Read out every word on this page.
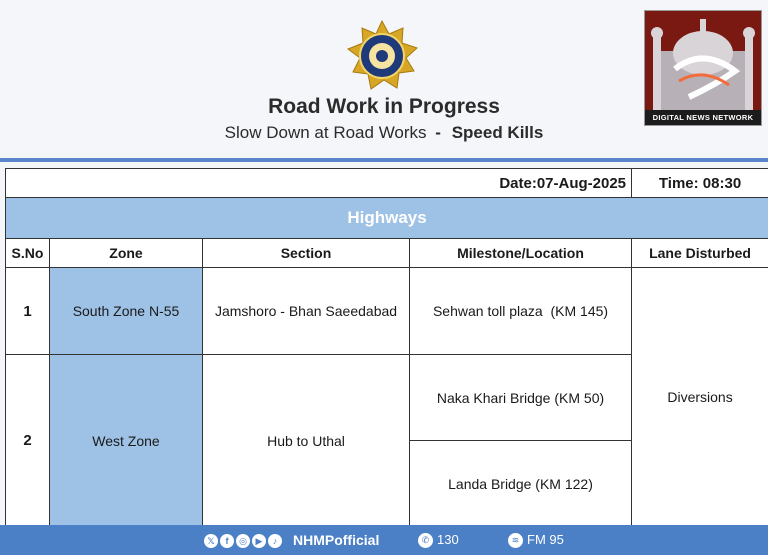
Road Work in Progress
Slow Down at Road Works - Speed Kills
DIGITAL NEWS NETWORK
Date:07-Aug-2025				Time: 08:30
Highways				
S.No	Zone	Section	Milestone/Location	Lane Disturbed
1	South Zone N-55	Jamshoro - Bhan Saeedabad	Sehwan toll plaza  (KM 145)	Diversions
2	West Zone	Hub to Uthal	Naka Khari Bridge (KM 50)	
			Landa Bridge (KM 122)	
𝕏 f ◎ ▶ ♪	NHMPofficial	✆ 130	≋ FM 95
